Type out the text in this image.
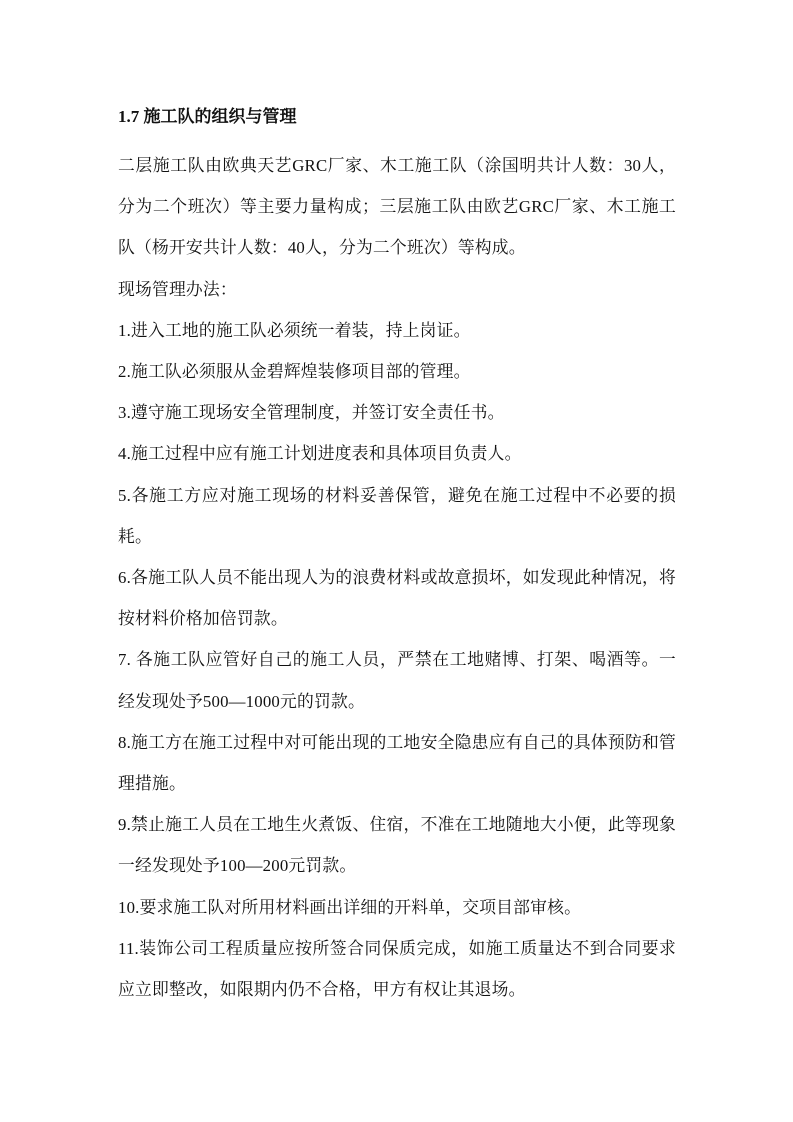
1.7 施工队的组织与管理

二层施工队由欧典天艺GRC厂家、木工施工队（涂国明共计人数：30人，分为二个班次）等主要力量构成；三层施工队由欧艺GRC厂家、木工施工队（杨开安共计人数：40人，分为二个班次）等构成。

现场管理办法：

1.进入工地的施工队必须统一着装，持上岗证。

2.施工队必须服从金碧辉煌装修项目部的管理。

3.遵守施工现场安全管理制度，并签订安全责任书。

4.施工过程中应有施工计划进度表和具体项目负责人。

5.各施工方应对施工现场的材料妥善保管，避免在施工过程中不必要的损耗。

6.各施工队人员不能出现人为的浪费材料或故意损坏，如发现此种情况，将按材料价格加倍罚款。

7. 各施工队应管好自己的施工人员，严禁在工地赌博、打架、喝酒等。一经发现处予500—1000元的罚款。

8.施工方在施工过程中对可能出现的工地安全隐患应有自己的具体预防和管理措施。

9.禁止施工人员在工地生火煮饭、住宿，不准在工地随地大小便，此等现象一经发现处予100—200元罚款。

10.要求施工队对所用材料画出详细的开料单，交项目部审核。

11.装饰公司工程质量应按所签合同保质完成，如施工质量达不到合同要求应立即整改，如限期内仍不合格，甲方有权让其退场。
